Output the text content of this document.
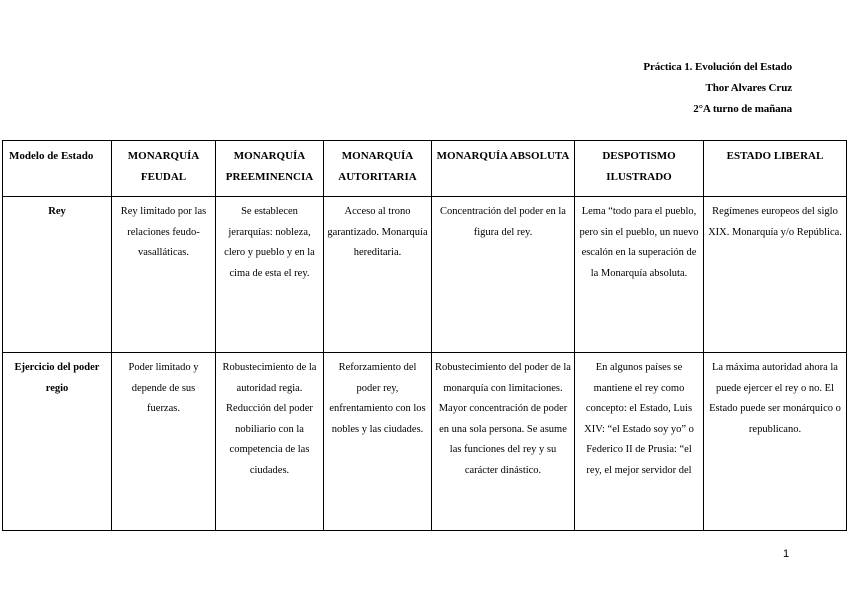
Práctica 1. Evolución del Estado
Thor Alvares Cruz
2°A turno de mañana
Modelo de Estado	MONARQUÍA FEUDAL	MONARQUÍA PREEMINENCIA	MONARQUÍA AUTORITARIA	MONARQUÍA ABSOLUTA	DESPOTISMO ILUSTRADO	ESTADO LIBERAL
Rey	Rey limitado por las relaciones feudo-vasalláticas.	Se establecen jerarquías: nobleza, clero y pueblo y en la cima de esta el rey.	Acceso al trono garantizado. Monarquía hereditaria.	Concentración del poder en la figura del rey.	Lema “todo para el pueblo, pero sin el pueblo, un nuevo escalón en la superación de la Monarquía absoluta.	Regímenes europeos del siglo XIX. Monarquía y/o República.
Ejercicio del poder regio	Poder limitado y depende de sus fuerzas.	Robustecimiento de la autoridad regia. Reducción del poder nobiliario con la competencia de las ciudades.	Reforzamiento del poder rey, enfrentamiento con los nobles y las ciudades.	Robustecimiento del poder de la monarquía con limitaciones. Mayor concentración de poder en una sola persona. Se asume las funciones del rey y su carácter dinástico.	En algunos países se mantiene el rey como concepto: el Estado, Luis XIV: “el Estado soy yo” o Federico II de Prusia: “el rey, el mejor servidor del	La máxima autoridad ahora la puede ejercer el rey o no. El Estado puede ser monárquico o republicano.
1
